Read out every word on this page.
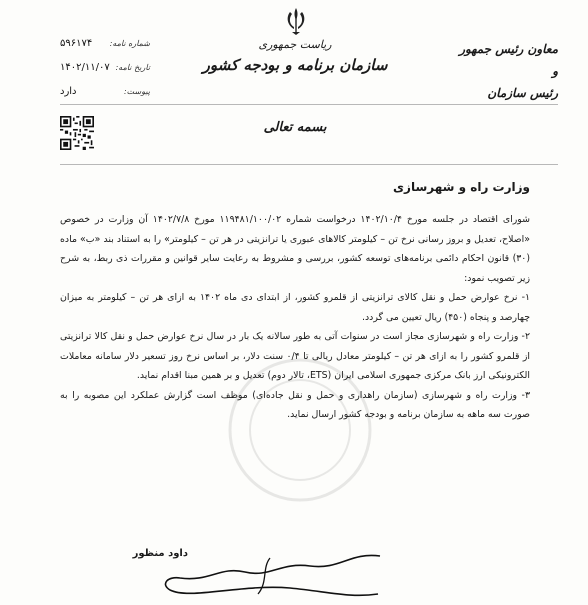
شماره نامه:
۵۹۶۱۷۴
تاریخ نامه:
۱۴۰۲/۱۱/۰۷
پیوست:
دارد
ریاست جمهوری
سازمان برنامه و بودجه کشور
معاون رئیس جمهور
و
رئیس سازمان
بسمه تعالی
وزارت راه و شهرسازی

شورای اقتصاد در جلسه مورخ ۱۴۰۲/۱۰/۴ درخواست شماره ۱۱۹۴۸۱/۱۰۰/۰۲ مورخ ۱۴۰۲/۷/۸ آن وزارت در خصوص «اصلاح، تعدیل و بروز رسانی نرخ تن – کیلومتر کالاهای عبوری یا ترانزیتی در هر تن – کیلومتر» را به استناد بند «ب» ماده (۳۰) قانون احکام دائمی برنامه‌های توسعه کشور، بررسی و مشروط به رعایت سایر قوانین و مقررات ذی ربط، به شرح زیر تصویب نمود:

۱- نرخ عوارض حمل و نقل کالای ترانزیتی از قلمرو کشور، از ابتدای دی ماه ۱۴۰۲ به ازای هر تن – کیلومتر به میزان چهارصد و پنجاه (۴۵۰) ریال تعیین می گردد.

۲- وزارت راه و شهرسازی مجاز است در سنوات آتی به طور سالانه یک بار در سال نرخ عوارض حمل و نقل کالا ترانزیتی از قلمرو کشور را به ازای هر تن – کیلومتر معادل ریالی تا ۰/۴ سنت دلار، بر اساس نرخ روز تسعیر دلار سامانه معاملات الکترونیکی ارز بانک مرکزی جمهوری اسلامی ایران (ETS، تالار دوم) تعدیل و بر همین مبنا اقدام نماید.

۳- وزارت راه و شهرسازی (سازمان راهداری و حمل و نقل جاده‌ای) موظف است گزارش عملکرد این مصوبه را به صورت سه ماهه به سازمان برنامه و بودجه کشور ارسال نماید.

داود منظور
